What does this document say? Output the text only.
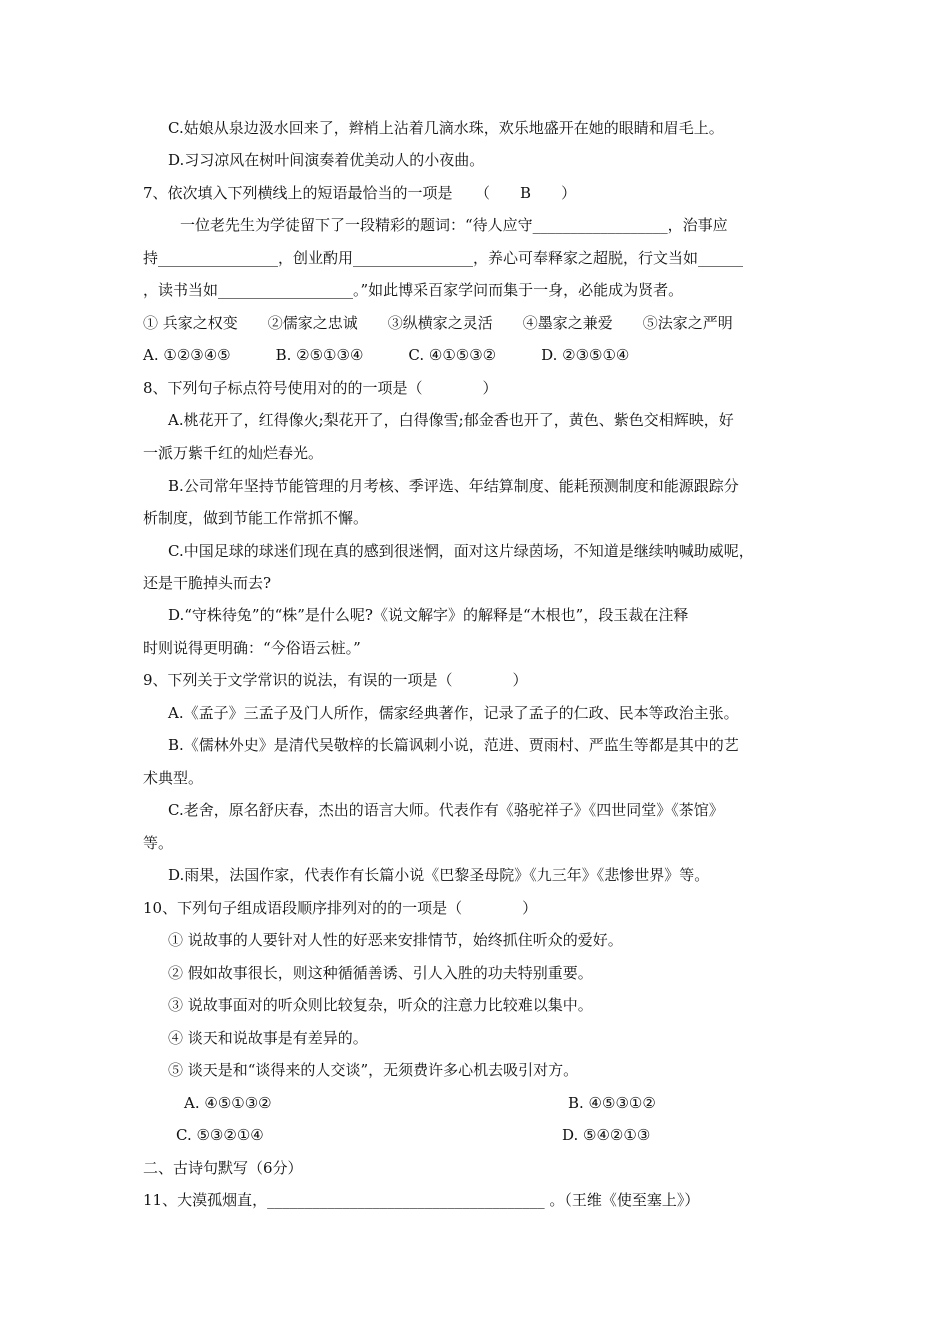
C.姑娘从泉边汲水回来了，辫梢上沾着几滴水珠，欢乐地盛开在她的眼睛和眉毛上。
D.习习凉风在树叶间演奏着优美动人的小夜曲。
7、依次填入下列横线上的短语最恰当的一项是　　（　　B　　）
一位老先生为学徒留下了一段精彩的题词：“待人应守__________________，治事应
持________________，创业酌用________________，养心可奉释家之超脱，行文当如______
，读书当如__________________。”如此博采百家学问而集于一身，必能成为贤者。
① 兵家之权变　　②儒家之忠诚　　③纵横家之灵活　　④墨家之兼爱　　⑤法家之严明
A. ①②③④⑤　　　B. ②⑤①③④　　　C. ④①⑤③②　　　D. ②③⑤①④
8、下列句子标点符号使用对的的一项是（　　　　）
A.桃花开了，红得像火;梨花开了，白得像雪;郁金香也开了，黄色、紫色交相辉映，好
一派万紫千红的灿烂春光。
B.公司常年坚持节能管理的月考核、季评选、年结算制度、能耗预测制度和能源跟踪分
析制度，做到节能工作常抓不懈。
C.中国足球的球迷们现在真的感到很迷惘，面对这片绿茵场，不知道是继续呐喊助威呢，
还是干脆掉头而去?
D.“守株待兔”的“株”是什么呢?《说文解字》的解释是“木根也”，段玉裁在注释
时则说得更明确：“今俗语云桩。”
9、下列关于文学常识的说法，有误的一项是（　　　　）
A.《孟子》三孟子及门人所作，儒家经典著作，记录了孟子的仁政、民本等政治主张。
B.《儒林外史》是清代吴敬梓的长篇讽刺小说，范进、贾雨村、严监生等都是其中的艺
术典型。
C.老舍，原名舒庆春，杰出的语言大师。代表作有《骆驼祥子》《四世同堂》《茶馆》
等。
D.雨果，法国作家，代表作有长篇小说《巴黎圣母院》《九三年》《悲惨世界》等。
10、下列句子组成语段顺序排列对的的一项是（　　　　）
① 说故事的人要针对人性的好恶来安排情节，始终抓住听众的爱好。
② 假如故事很长，则这种循循善诱、引人入胜的功夫特别重要。
③ 说故事面对的听众则比较复杂，听众的注意力比较难以集中。
④ 谈天和说故事是有差异的。
⑤ 谈天是和“谈得来的人交谈”，无须费许多心机去吸引对方。
A. ④⑤①③②	B. ④⑤③①②
C. ⑤③②①④	D. ⑤④②①③
二、古诗句默写（6分）
11、大漠孤烟直，_____________________________________ 。（王维《使至塞上》）
